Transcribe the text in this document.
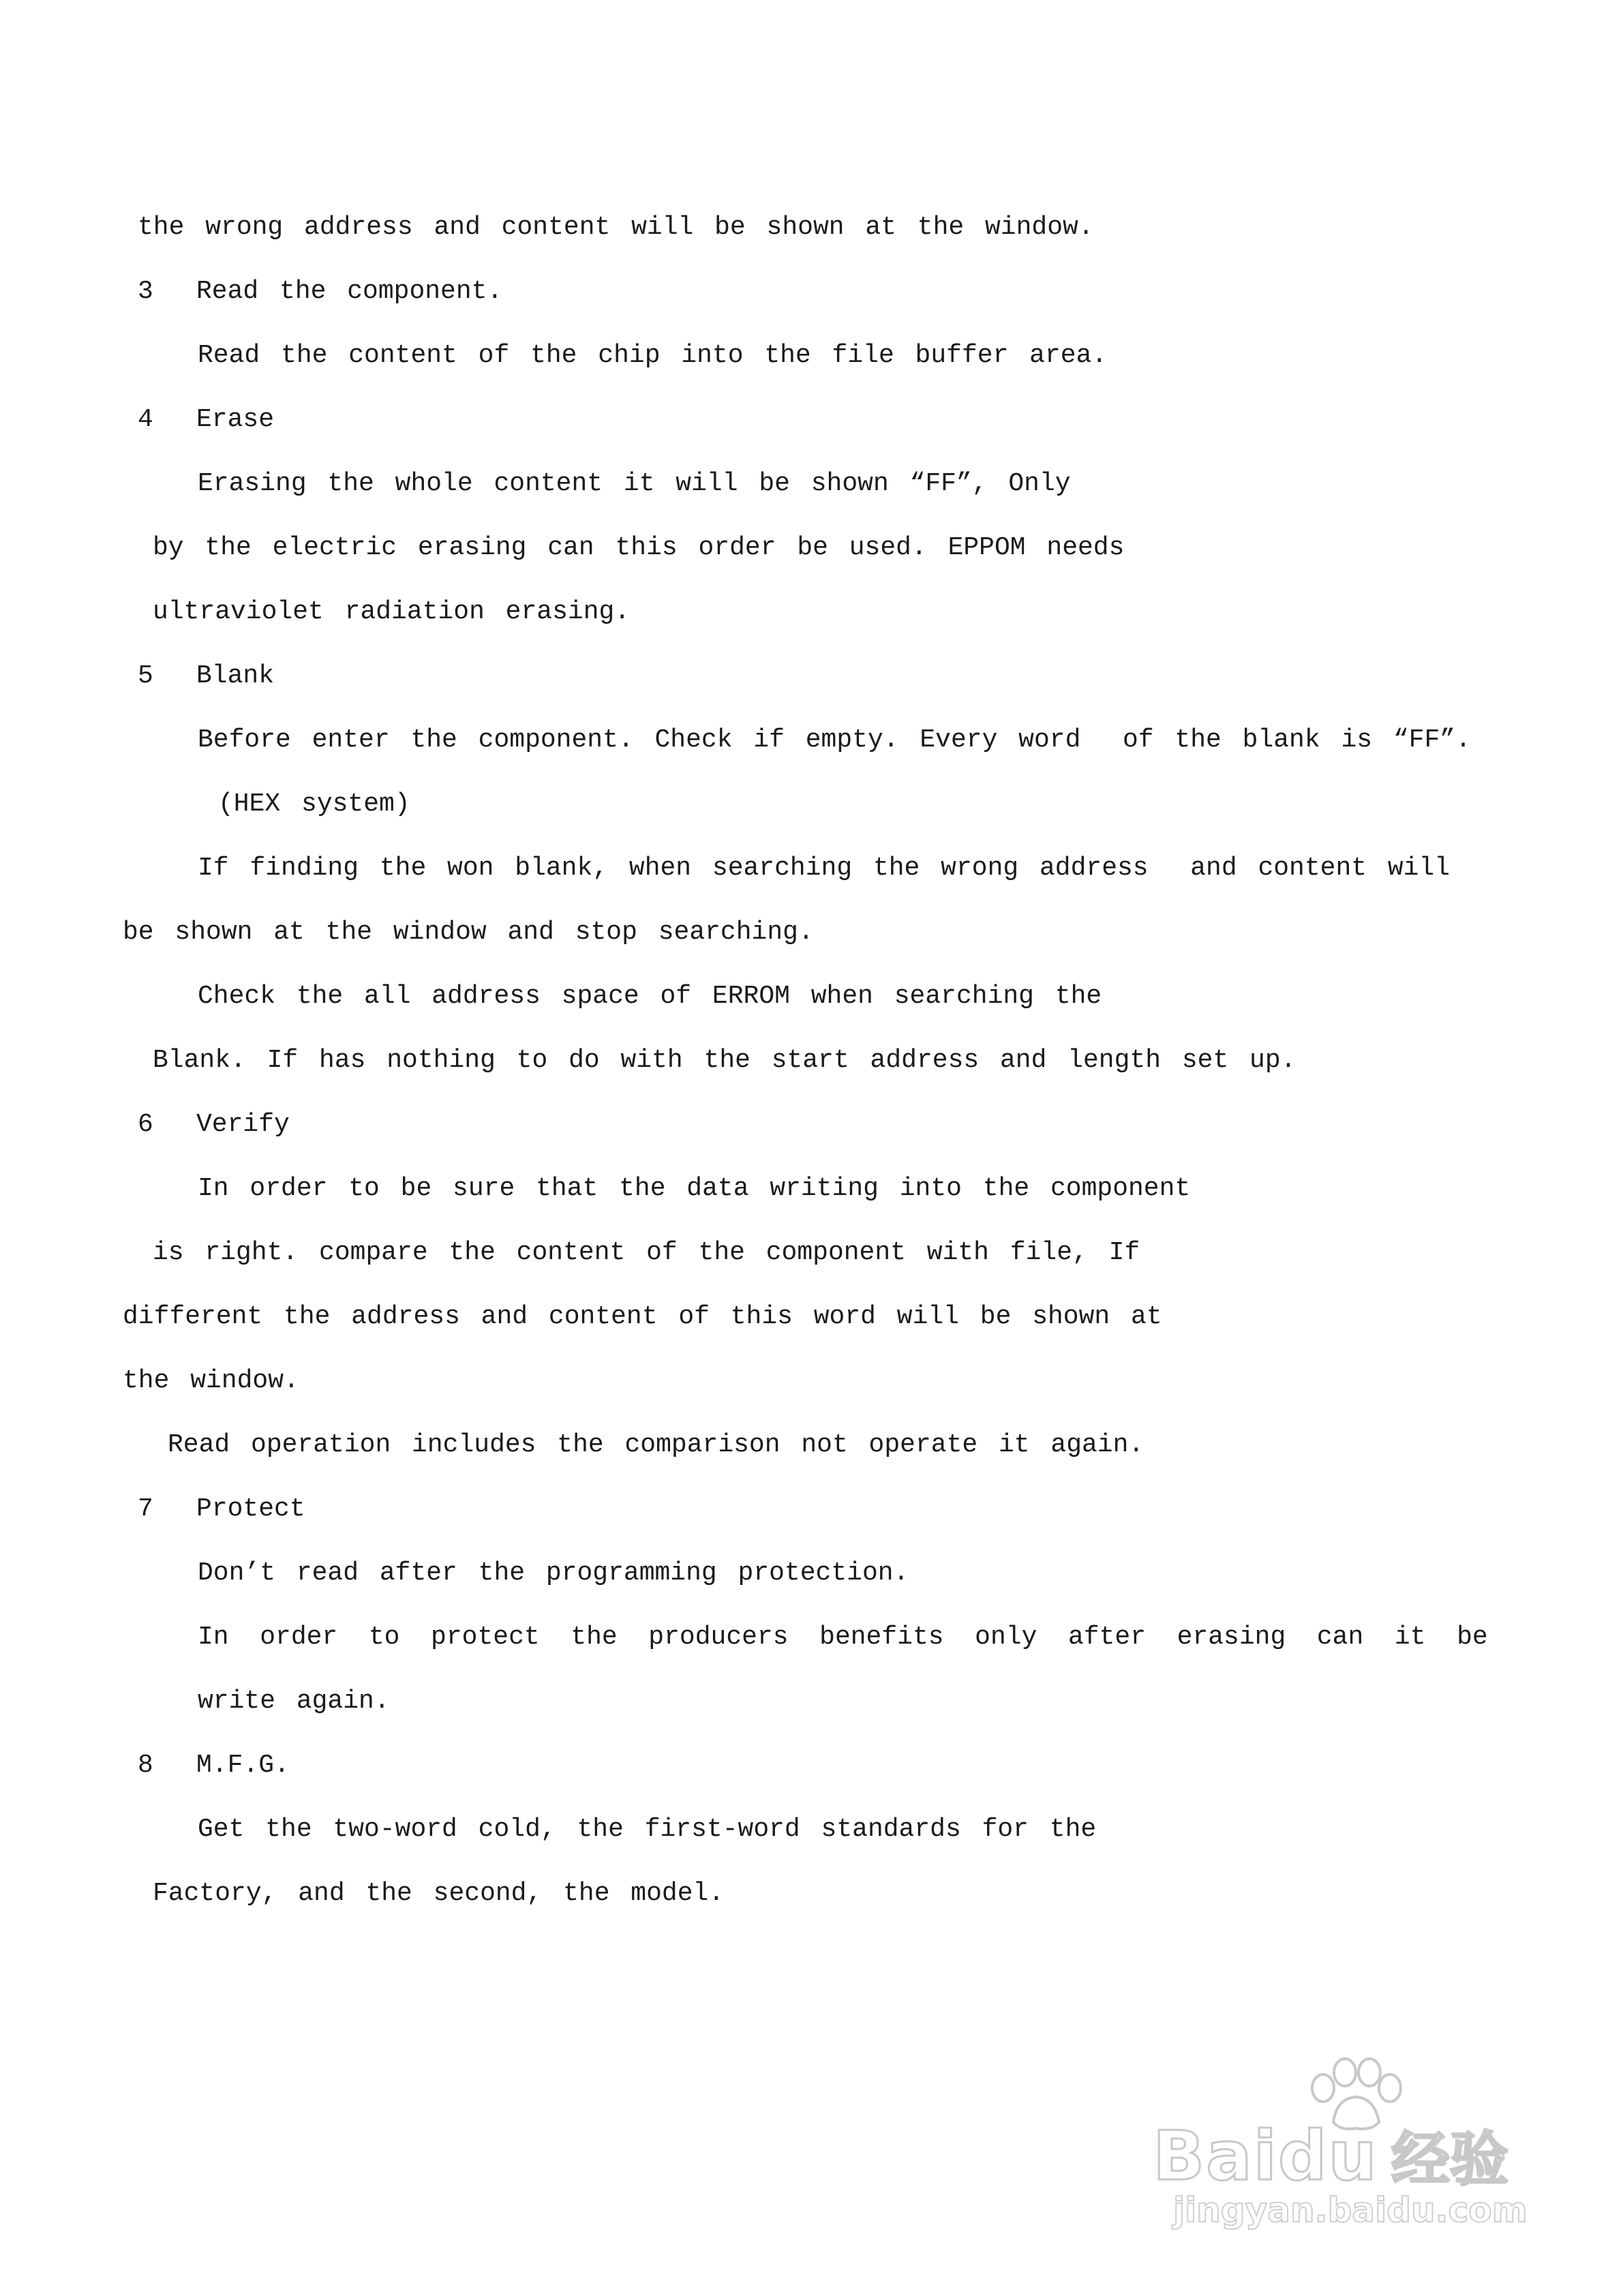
the wrong address and content will be shown at the window.
3 Read the component.
Read the content of the chip into the file buffer area.
4 Erase
Erasing the whole content it will be shown “FF”, Only
by the electric erasing can this order be used. EPPOM needs
ultraviolet radiation erasing.
5 Blank
Before enter the component. Check if empty. Every word  of the blank is “FF”.
(HEX system)
If finding the won blank, when searching the wrong address  and content will
be shown at the window and stop searching.
Check the all address space of ERROM when searching the
Blank. If has nothing to do with the start address and length set up.
6 Verify
In order to be sure that the data writing into the component
is right. compare the content of the component with file, If
different the address and content of this word will be shown at
the window.
Read operation includes the comparison not operate it again.
7 Protect
Don’t read after the programming protection.
In  order  to  protect  the  producers  benefits  only  after  erasing  can  it  be
write again.
8 M.F.G.
Get the two-word cold, the first-word standards for the
Factory, and the second, the model.
Baidu 经验
jingyan.baidu.com
